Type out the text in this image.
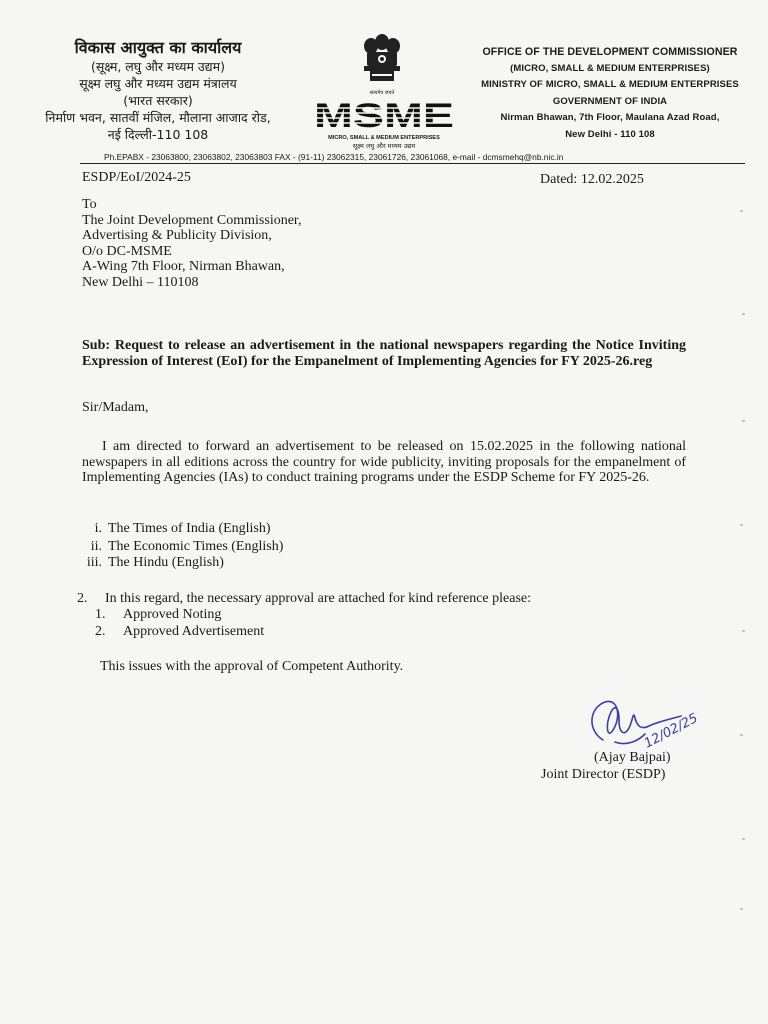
विकास आयुक्त का कार्यालय
(सूक्ष्म, लघु और मध्यम उद्यम)
सूक्ष्म लघु और मध्यम उद्यम मंत्रालय
(भारत सरकार)
निर्माण भवन, सातवीं मंजिल, मौलाना आजाद रोड,
नई दिल्ली-110 108
सत्यमेव जयते
MSME
MICRO, SMALL & MEDIUM ENTERPRISES
सूक्ष्म लघु और मध्यम उद्यम
OFFICE OF THE DEVELOPMENT COMMISSIONER
(MICRO, SMALL & MEDIUM ENTERPRISES)
MINISTRY OF MICRO, SMALL & MEDIUM ENTERPRISES
GOVERNMENT OF INDIA
Nirman Bhawan, 7th Floor, Maulana Azad Road,
New Delhi - 110 108
Ph.EPABX - 23063800, 23063802, 23063803 FAX - (91-11) 23062315, 23061726, 23061068, e-mail - dcmsmehq@nb.nic.in
ESDP/EoI/2024-25	Dated: 12.02.2025
To
The Joint Development Commissioner,
Advertising & Publicity Division,
O/o DC-MSME
A-Wing 7th Floor, Nirman Bhawan,
New Delhi – 110108
Sub: Request to release an advertisement in the national newspapers regarding the Notice Inviting Expression of Interest (EoI) for the Empanelment of Implementing Agencies for FY 2025-26.reg
Sir/Madam,
I am directed to forward an advertisement to be released on 15.02.2025 in the following national newspapers in all editions across the country for wide publicity, inviting proposals for the empanelment of Implementing Agencies (IAs) to conduct training programs under the ESDP Scheme for FY 2025-26.
i. The Times of India (English)
ii. The Economic Times (English)
iii. The Hindu (English)
2. In this regard, the necessary approval are attached for kind reference please:
1. Approved Noting
2. Approved Advertisement
This issues with the approval of Competent Authority.
12/02/25
(Ajay Bajpai)
Joint Director (ESDP)
